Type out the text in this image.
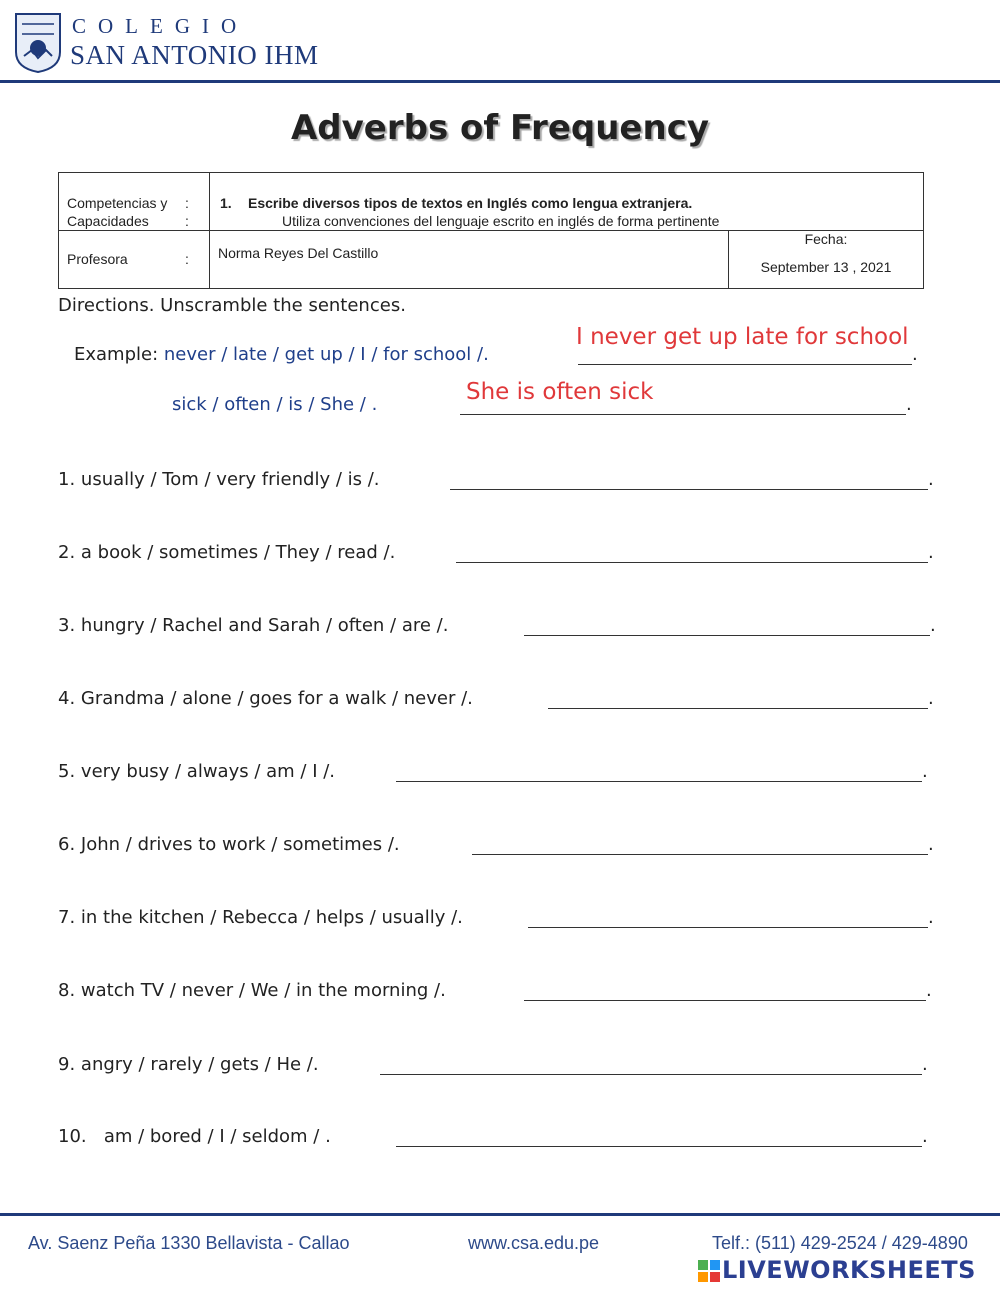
COLEGIO
SAN ANTONIO IHM
Adverbs of Frequency
Competencias y :
Capacidades :	1. Escribe diversos tipos de textos en Inglés como lengua extranjera.
Utiliza convenciones del lenguaje escrito en inglés de forma pertinente	

Profesora :	Norma Reyes Del Castillo	Fecha:
September 13 , 2021
Directions. Unscramble the sentences.
Example: never / late / get up / I / for school /.
I never get up late for school
.
sick / often / is / She / .	She is often sick	.
1. usually / Tom / very friendly / is /.	.
2. a book / sometimes / They / read /.	.
3. hungry / Rachel and Sarah / often / are /.	.
4. Grandma / alone / goes for a walk / never /.	.
5. very busy / always / am / I /.	.
6. John / drives to work / sometimes /.	.
7. in the kitchen / Rebecca / helps / usually /.	.
8. watch TV / never / We / in the morning /.	.
9. angry / rarely / gets / He /.	.
10. am / bored / I / seldom / .	.
Av. Saenz Peña 1330 Bellavista - Callao	www.csa.edu.pe	Telf.: (511) 429-2524 / 429-4890
LIVEWORKSHEETS
